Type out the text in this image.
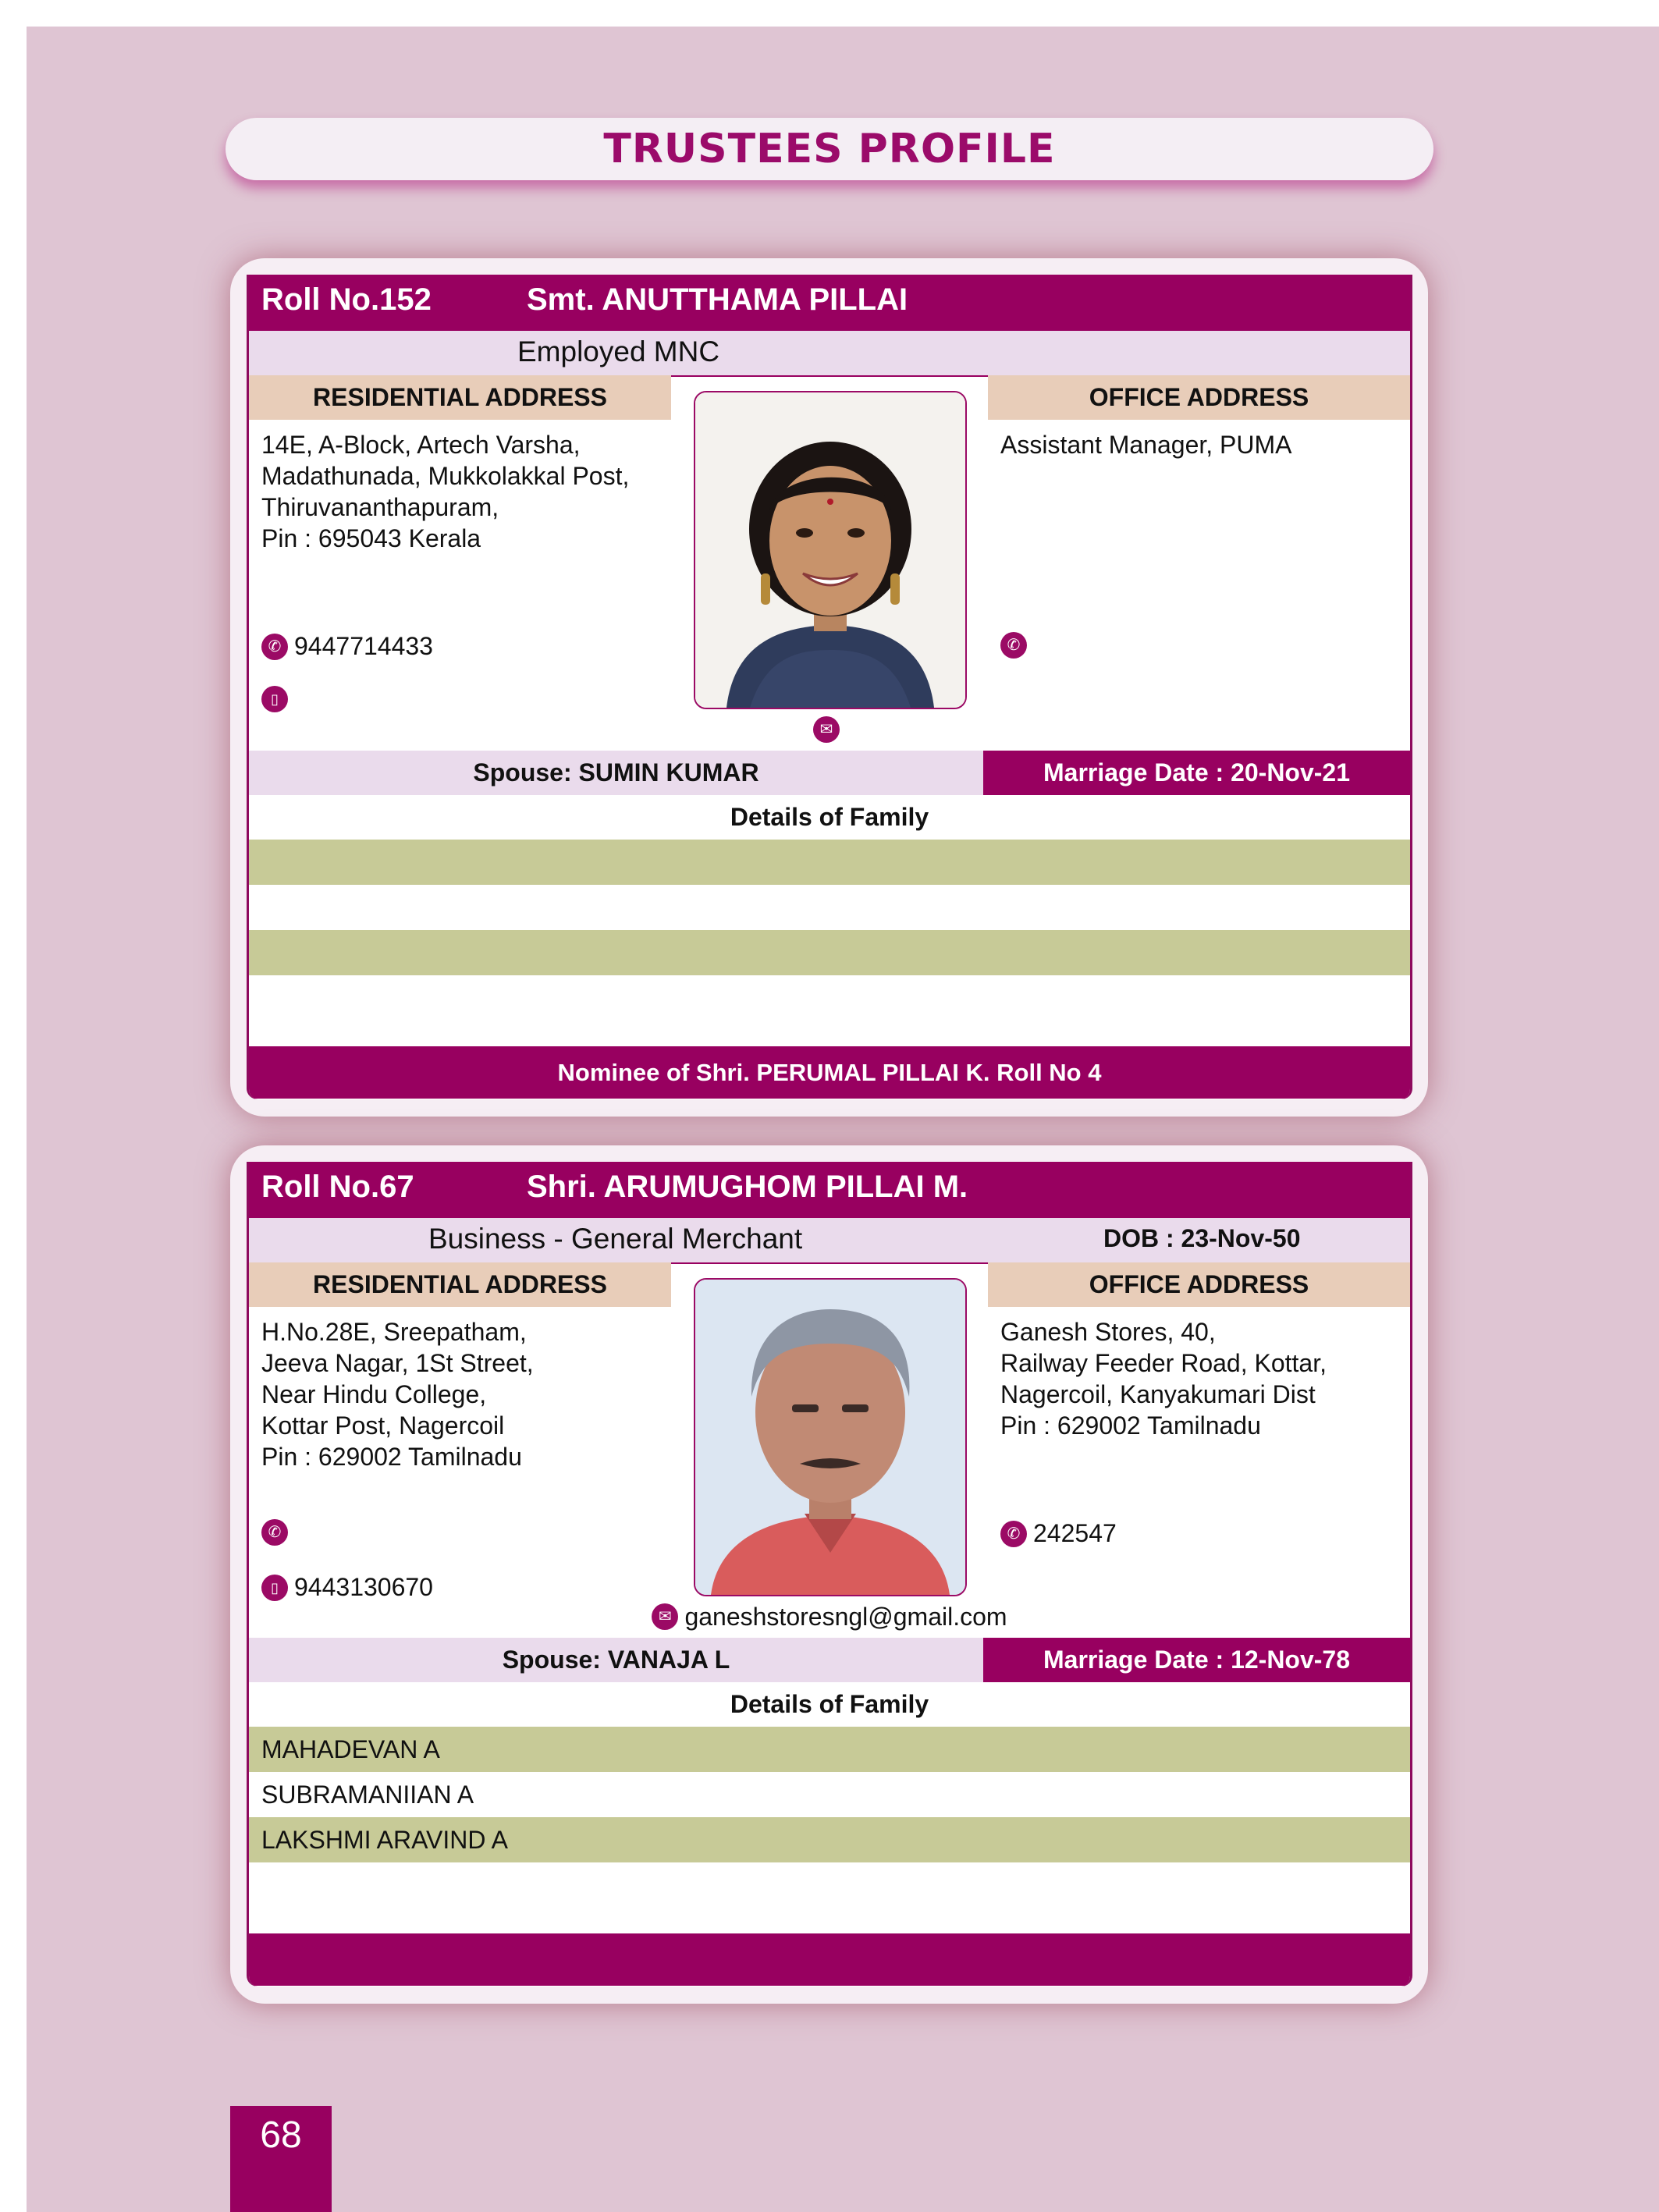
TRUSTEES PROFILE
Roll No.152	Smt. ANUTTHAMA PILLAI
Employed MNC
RESIDENTIAL ADDRESS	OFFICE ADDRESS

14E, A-Block, Artech Varsha,
Madathunada, Mukkolakkal Post,
Thiruvananthapuram,
Pin : 695043 Kerala

Assistant Manager, PUMA

✆ 9447714433
▯
✆
✉
Spouse: SUMIN KUMAR	Marriage Date : 20-Nov-21
Details of Family
Nominee of Shri. PERUMAL PILLAI K. Roll No 4
Roll No.67	Shri. ARUMUGHOM PILLAI M.
Business - General Merchant	DOB : 23-Nov-50
RESIDENTIAL ADDRESS	OFFICE ADDRESS

H.No.28E, Sreepatham,
Jeeva Nagar, 1St Street,
Near Hindu College,
Kottar Post, Nagercoil
Pin : 629002 Tamilnadu

Ganesh Stores, 40,
Railway Feeder Road, Kottar,
Nagercoil, Kanyakumari Dist
Pin : 629002 Tamilnadu

✆
▯ 9443130670
✆ 242547
✉ ganeshstoresngl@gmail.com
Spouse: VANAJA L	Marriage Date : 12-Nov-78
Details of Family
MAHADEVAN A
SUBRAMANIIAN A
LAKSHMI ARAVIND A
68
